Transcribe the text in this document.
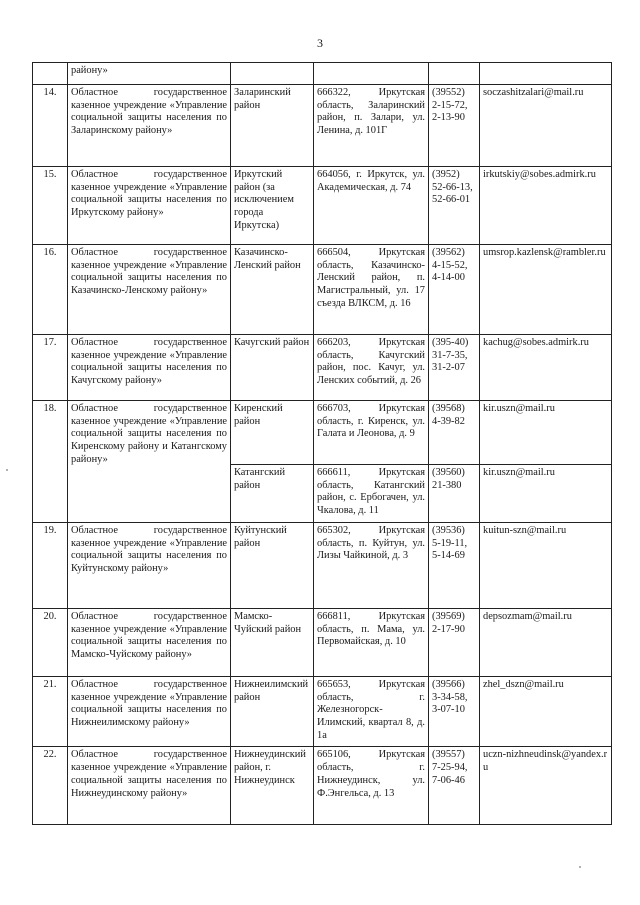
3
	району»				
14.	Областное государственное казенное учреждение «Управление социальной защиты населения по Заларинскому району»	Заларинский район	666322, Иркутская область, Заларинский район, п. Залари, ул. Ленина, д. 101Г	(39552)
2-15-72,
2-13-90	soczashitzalari@mail.ru
15.	Областное государственное казенное учреждение «Управление социальной защиты населения по Иркутскому району»	Иркутский район (за исключением города Иркутска)	664056, г. Иркутск, ул. Академическая, д. 74	(3952)
52-66-13,
52-66-01	irkutskiy@sobes.admirk.ru
16.	Областное государственное казенное учреждение «Управление социальной защиты населения по Казачинско-Ленскому району»	Казачинско-Ленский район	666504, Иркутская область, Казачинско-Ленский район, п. Магистральный, ул. 17 съезда ВЛКСМ, д. 16	(39562)
4-15-52,
4-14-00	umsrop.kazlensk@rambler.ru
17.	Областное государственное казенное учреждение «Управление социальной защиты населения по Качугскому району»	Качугский район	666203, Иркутская область, Качугский район, пос. Качуг, ул. Ленских событий, д. 26	(395-40)
31-7-35,
31-2-07	kachug@sobes.admirk.ru
18.	Областное государственное казенное учреждение «Управление социальной защиты населения по Киренскому району и Катангскому району»	Киренский район	666703, Иркутская область, г. Киренск, ул. Галата и Леонова, д. 9	(39568)
4-39-82	kir.uszn@mail.ru
		Катангский район	666611, Иркутская область, Катангский район, с. Ербогачен, ул. Чкалова, д. 11	(39560)
21-380	kir.uszn@mail.ru
19.	Областное государственное казенное учреждение «Управление социальной защиты населения по Куйтунскому району»	Куйтунский район	665302, Иркутская область, п. Куйтун, ул. Лизы Чайкиной, д. 3	(39536)
5-19-11,
5-14-69	kuitun-szn@mail.ru
20.	Областное государственное казенное учреждение «Управление социальной защиты населения по Мамско-Чуйскому району»	Мамско-Чуйский район	666811, Иркутская область, п. Мама, ул. Первомайская, д. 10	(39569)
2-17-90	depsozmam@mail.ru
21.	Областное государственное казенное учреждение «Управление социальной защиты населения по Нижнеилимскому району»	Нижнеилимский район	665653, Иркутская область, г. Железногорск-Илимский, квартал 8, д. 1а	(39566)
3-34-58,
3-07-10	zhel_dszn@mail.ru
22.	Областное государственное казенное учреждение «Управление социальной защиты населения по Нижнеудинскому району»	Нижнеудинский район, г. Нижнеудинск	665106, Иркутская область, г. Нижнеудинск, ул. Ф.Энгельса, д. 13	(39557)
7-25-94,
7-06-46	uczn-nizhneudinsk@yandex.ru
